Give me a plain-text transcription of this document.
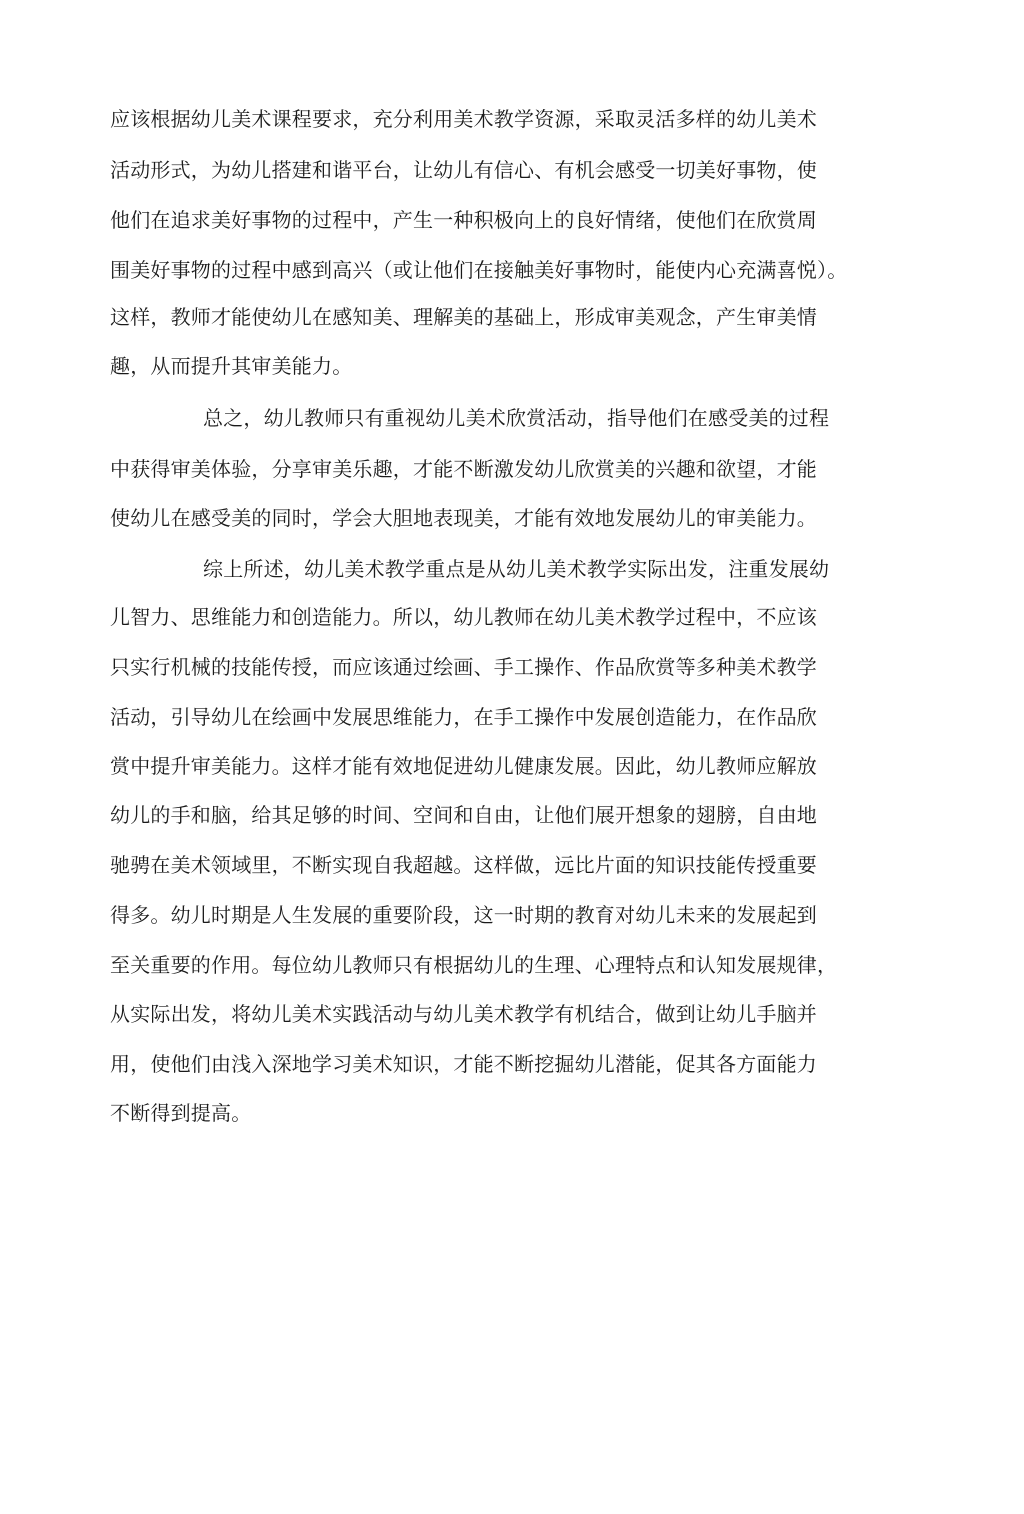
应该根据幼儿美术课程要求，充分利用美术教学资源，采取灵活多样的幼儿美术
活动形式，为幼儿搭建和谐平台，让幼儿有信心、有机会感受一切美好事物，使
他们在追求美好事物的过程中，产生一种积极向上的良好情绪，使他们在欣赏周
围美好事物的过程中感到高兴（或让他们在接触美好事物时，能使内心充满喜悦）。
这样，教师才能使幼儿在感知美、理解美的基础上，形成审美观念，产生审美情
趣，从而提升其审美能力。
总之，幼儿教师只有重视幼儿美术欣赏活动，指导他们在感受美的过程
中获得审美体验，分享审美乐趣，才能不断激发幼儿欣赏美的兴趣和欲望，才能
使幼儿在感受美的同时，学会大胆地表现美，才能有效地发展幼儿的审美能力。
综上所述，幼儿美术教学重点是从幼儿美术教学实际出发，注重发展幼
儿智力、思维能力和创造能力。所以，幼儿教师在幼儿美术教学过程中，不应该
只实行机械的技能传授，而应该通过绘画、手工操作、作品欣赏等多种美术教学
活动，引导幼儿在绘画中发展思维能力，在手工操作中发展创造能力，在作品欣
赏中提升审美能力。这样才能有效地促进幼儿健康发展。因此，幼儿教师应解放
幼儿的手和脑，给其足够的时间、空间和自由，让他们展开想象的翅膀，自由地
驰骋在美术领域里，不断实现自我超越。这样做，远比片面的知识技能传授重要
得多。幼儿时期是人生发展的重要阶段，这一时期的教育对幼儿未来的发展起到
至关重要的作用。每位幼儿教师只有根据幼儿的生理、心理特点和认知发展规律，
从实际出发，将幼儿美术实践活动与幼儿美术教学有机结合，做到让幼儿手脑并
用，使他们由浅入深地学习美术知识，才能不断挖掘幼儿潜能，促其各方面能力
不断得到提高。
